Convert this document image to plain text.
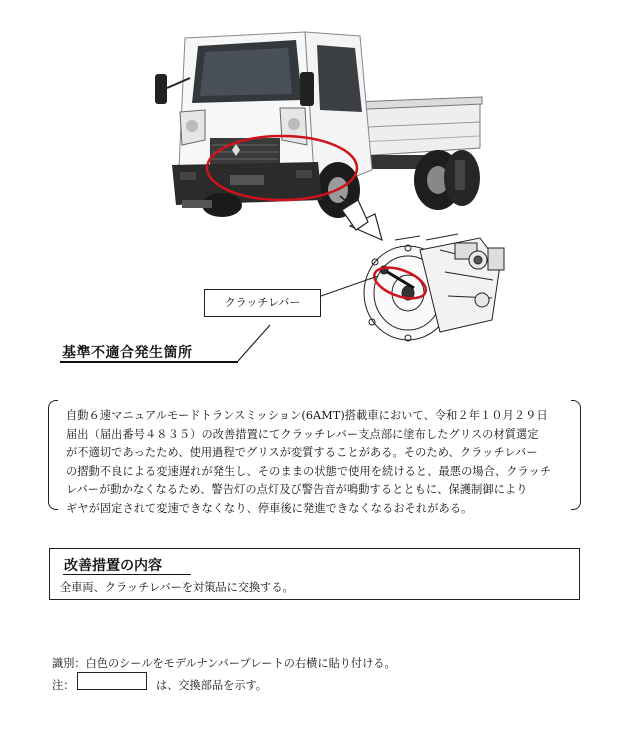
クラッチレバー
基準不適合発生箇所
自動６速マニュアルモードトランスミッション(6AMT)搭載車において、令和２年１０月２９日
届出（届出番号４８３５）の改善措置にてクラッチレバー支点部に塗布したグリスの材質選定
が不適切であったため、使用過程でグリスが変質することがある。そのため、クラッチレバー
の摺動不良による変速遅れが発生し、そのままの状態で使用を続けると、最悪の場合、クラッチ
レバーが動かなくなるため、警告灯の点灯及び警告音が鳴動するとともに、保護制御により
ギヤが固定されて変速できなくなり、停車後に発進できなくなるおそれがある。
改善措置の内容
全車両、クラッチレバーを対策品に交換する。
識別：白色のシールをモデルナンバープレートの右横に貼り付ける。
注：	は、交換部品を示す。
